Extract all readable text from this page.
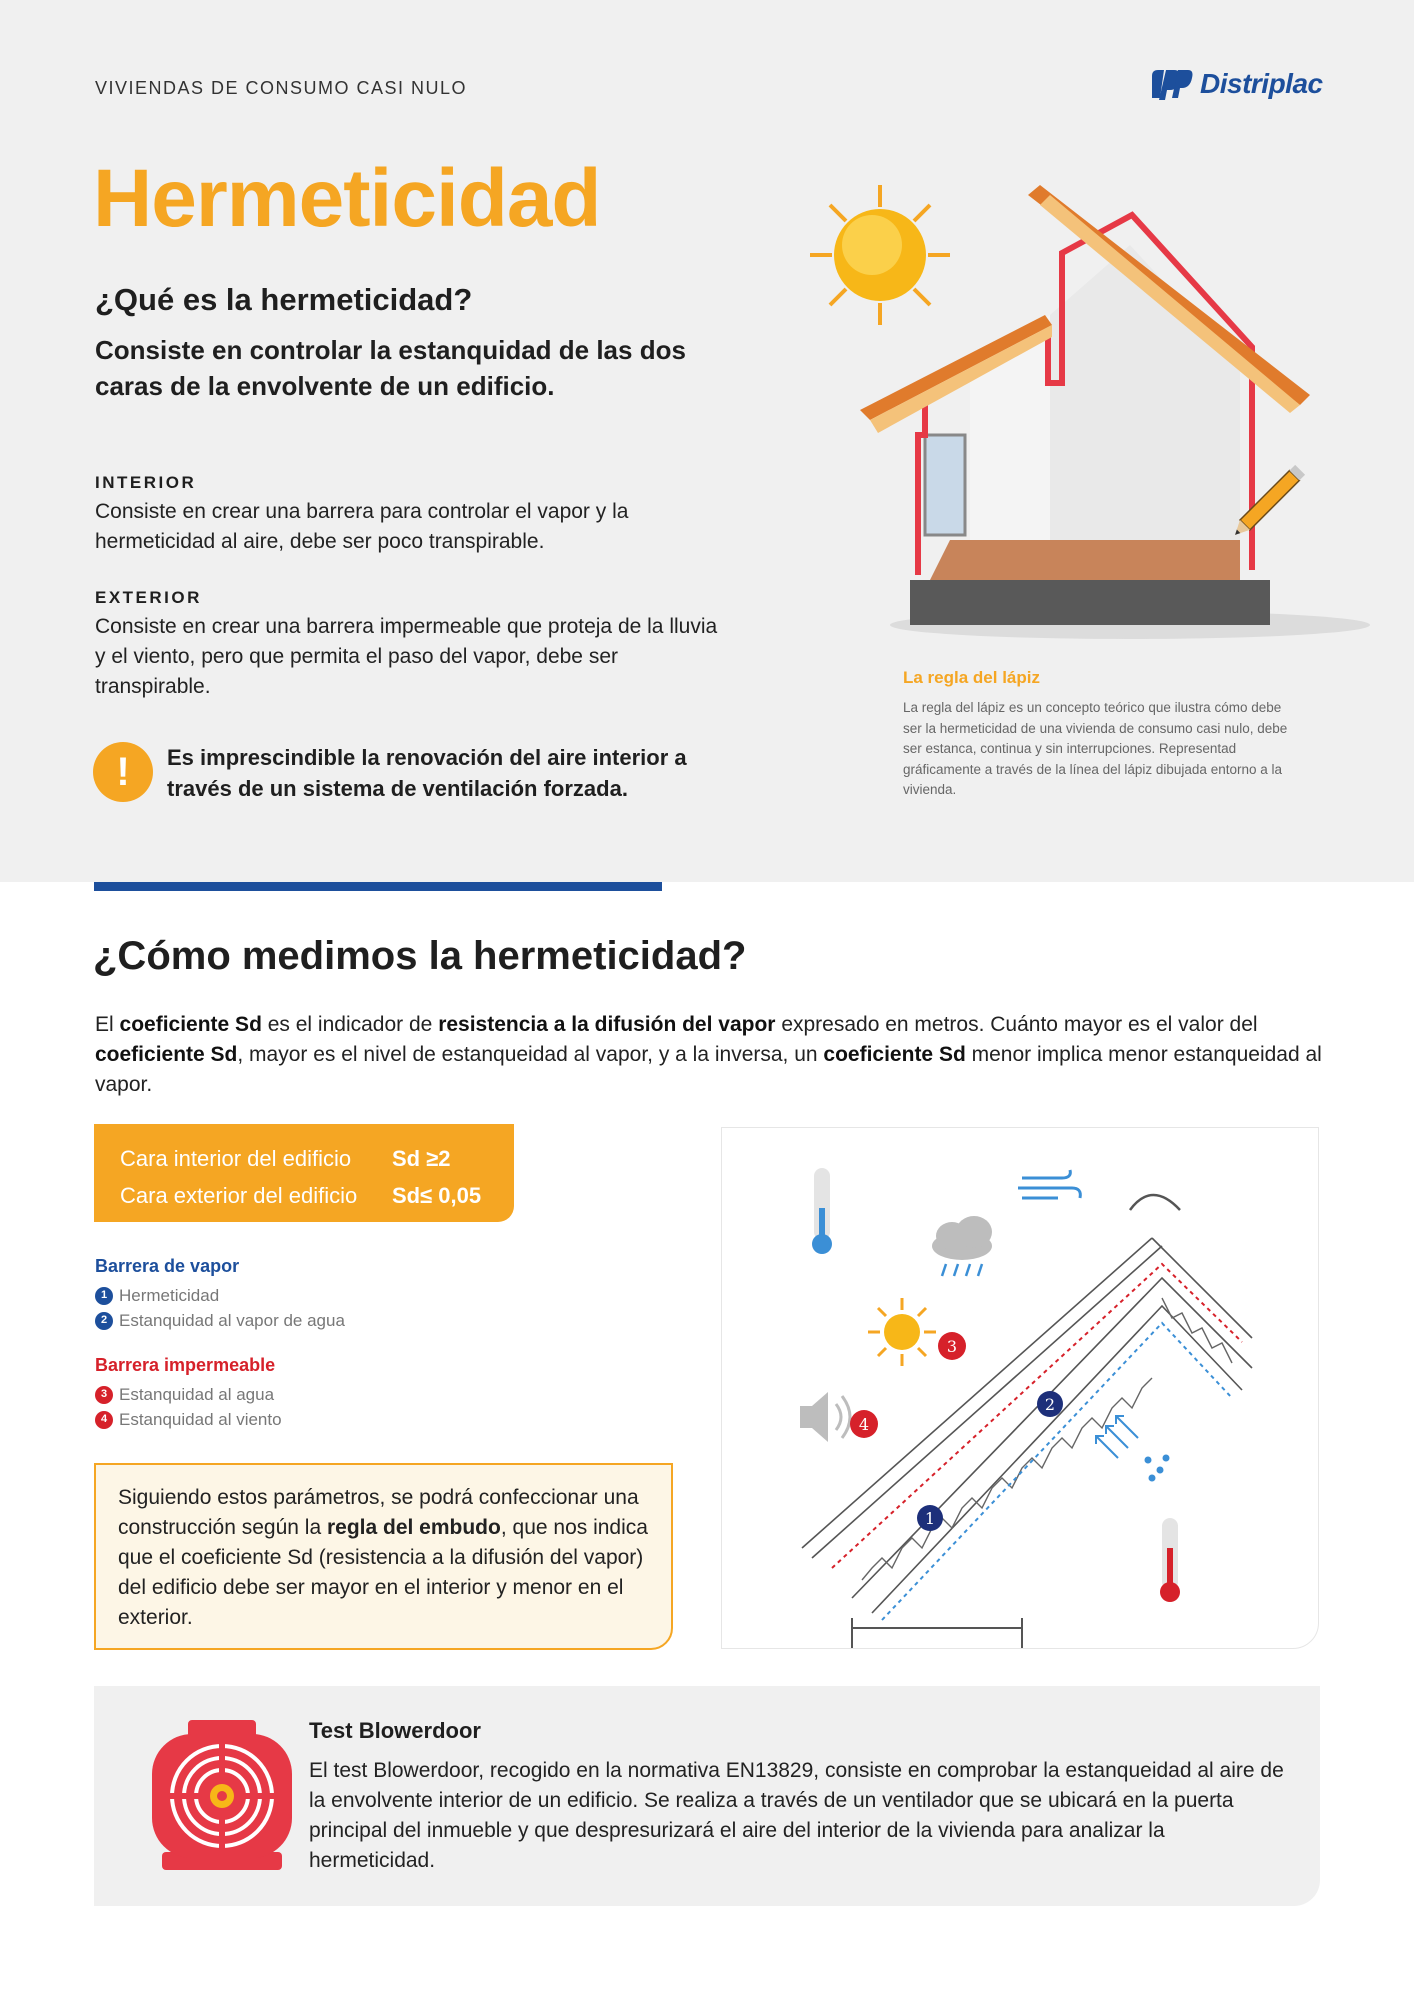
VIVIENDAS DE CONSUMO CASI NULO	Distriplac
Hermeticidad
¿Qué es la hermeticidad?
Consiste en controlar la estanquidad de las dos caras de la envolvente de un edificio.
INTERIOR

Consiste en crear una barrera para controlar el vapor y la hermeticidad al aire, debe ser poco transpirable.

EXTERIOR

Consiste en crear una barrera impermeable que proteja de la lluvia y el viento, pero que permita el paso del vapor, debe ser transpirable.

!	Es imprescindible la renovación del aire interior a través de un sistema de ventilación forzada.
La regla del lápiz

La regla del lápiz es un concepto teórico que ilustra cómo debe ser la hermeticidad de una vivienda de consumo casi nulo, debe ser estanca, continua y sin interrupciones. Representad gráficamente a través de la línea del lápiz dibujada entorno a la vivienda.

¿Cómo medimos la hermeticidad?
El coeficiente Sd es el indicador de resistencia a la difusión del vapor expresado en metros. Cuánto mayor es el valor del coeficiente Sd, mayor es el nivel de estanqueidad al vapor, y a la inversa, un coeficiente Sd menor implica menor estanqueidad al vapor.
Cara interior del edificio	Sd ≥2
Cara exterior del edificio	Sd≤ 0,05
Barrera de vapor
1 Hermeticidad
2 Estanquidad al vapor de agua
Barrera impermeable
3 Estanquidad al agua
4 Estanquidad al viento
Siguiendo estos parámetros, se podrá confeccionar una construcción según la regla del embudo, que nos indica que el coeficiente Sd (resistencia a la difusión del vapor) del edificio debe ser mayor en el interior y menor en el exterior.
1
2
3
4
Test Blowerdoor

El test Blowerdoor, recogido en la normativa EN13829, consiste en comprobar la estanqueidad al aire de la envolvente interior de un edificio. Se realiza a través de un ventilador que se ubicará en la puerta principal del inmueble y que despresurizará el aire del interior de la vivienda para analizar la hermeticidad.
